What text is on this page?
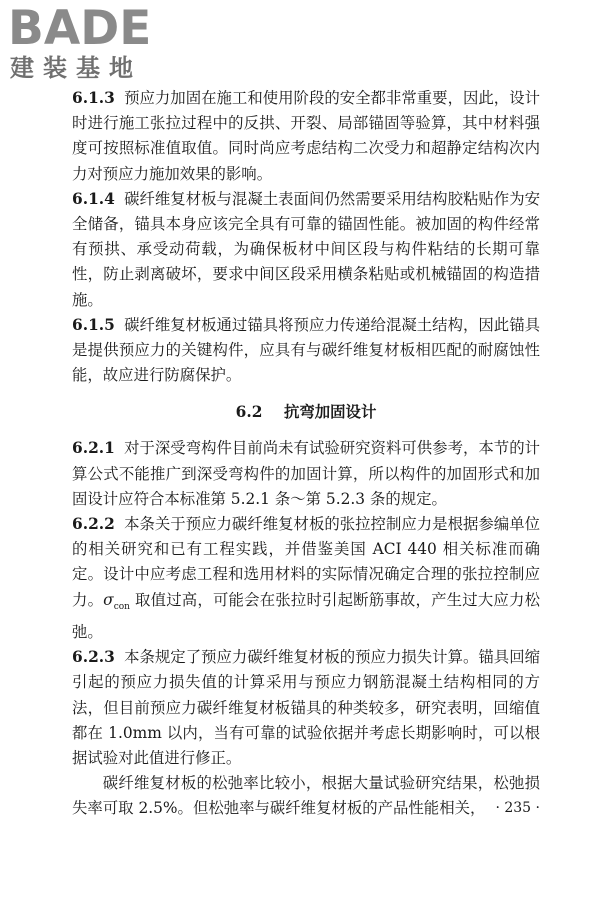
BADE
建装基地

6.1.3 预应力加固在施工和使用阶段的安全都非常重要，因此，设计时进行施工张拉过程中的反拱、开裂、局部锚固等验算，其中材料强度可按照标准值取值。同时尚应考虑结构二次受力和超静定结构次内力对预应力施加效果的影响。

6.1.4 碳纤维复材板与混凝土表面间仍然需要采用结构胶粘贴作为安全储备，锚具本身应该完全具有可靠的锚固性能。被加固的构件经常有预拱、承受动荷载，为确保板材中间区段与构件粘结的长期可靠性，防止剥离破坏，要求中间区段采用横条粘贴或机械锚固的构造措施。

6.1.5 碳纤维复材板通过锚具将预应力传递给混凝土结构，因此锚具是提供预应力的关键构件，应具有与碳纤维复材板相匹配的耐腐蚀性能，故应进行防腐保护。

6.2 抗弯加固设计

6.2.1 对于深受弯构件目前尚未有试验研究资料可供参考，本节的计算公式不能推广到深受弯构件的加固计算，所以构件的加固形式和加固设计应符合本标准第 5.2.1 条～第 5.2.3 条的规定。

6.2.2 本条关于预应力碳纤维复材板的张拉控制应力是根据参编单位的相关研究和已有工程实践，并借鉴美国 ACI 440 相关标准而确定。设计中应考虑工程和选用材料的实际情况确定合理的张拉控制应力。$\sigma_{con}$ 取值过高，可能会在张拉时引起断筋事故，产生过大应力松弛。

6.2.3 本条规定了预应力碳纤维复材板的预应力损失计算。锚具回缩引起的预应力损失值的计算采用与预应力钢筋混凝土结构相同的方法，但目前预应力碳纤维复材板锚具的种类较多，研究表明，回缩值都在 1.0mm 以内，当有可靠的试验依据并考虑长期影响时，可以根据试验对此值进行修正。

碳纤维复材板的松弛率比较小，根据大量试验研究结果，松弛损失率可取 2.5%。但松弛率与碳纤维复材板的产品性能相关， · 235 ·
